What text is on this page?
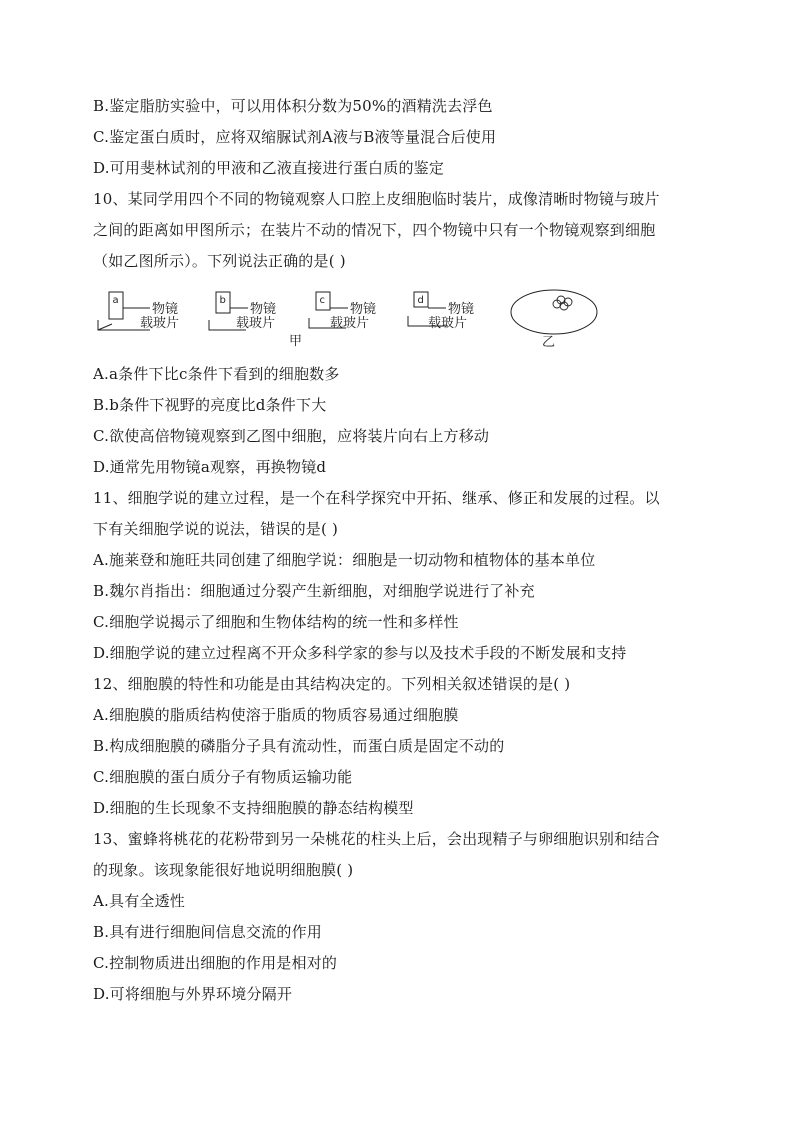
B.鉴定脂肪实验中，可以用体积分数为50%的酒精洗去浮色
C.鉴定蛋白质时，应将双缩脲试剂A液与B液等量混合后使用
D.可用斐林试剂的甲液和乙液直接进行蛋白质的鉴定
10、某同学用四个不同的物镜观察人口腔上皮细胞临时装片，成像清晰时物镜与玻片
之间的距离如甲图所示；在装片不动的情况下，四个物镜中只有一个物镜观察到细胞
（如乙图所示）。下列说法正确的是( )
a
物镜
载玻片
b
物镜
载玻片
c
物镜
载玻片
d
物镜
载玻片
甲	乙
A.a条件下比c条件下看到的细胞数多
B.b条件下视野的亮度比d条件下大
C.欲使高倍物镜观察到乙图中细胞，应将装片向右上方移动
D.通常先用物镜a观察，再换物镜d
11、细胞学说的建立过程，是一个在科学探究中开拓、继承、修正和发展的过程。以
下有关细胞学说的说法，错误的是( )
A.施莱登和施旺共同创建了细胞学说：细胞是一切动物和植物体的基本单位
B.魏尔肖指出：细胞通过分裂产生新细胞，对细胞学说进行了补充
C.细胞学说揭示了细胞和生物体结构的统一性和多样性
D.细胞学说的建立过程离不开众多科学家的参与以及技术手段的不断发展和支持
12、细胞膜的特性和功能是由其结构决定的。下列相关叙述错误的是( )
A.细胞膜的脂质结构使溶于脂质的物质容易通过细胞膜
B.构成细胞膜的磷脂分子具有流动性，而蛋白质是固定不动的
C.细胞膜的蛋白质分子有物质运输功能
D.细胞的生长现象不支持细胞膜的静态结构模型
13、蜜蜂将桃花的花粉带到另一朵桃花的柱头上后，会出现精子与卵细胞识别和结合
的现象。该现象能很好地说明细胞膜( )
A.具有全透性
B.具有进行细胞间信息交流的作用
C.控制物质进出细胞的作用是相对的
D.可将细胞与外界环境分隔开
